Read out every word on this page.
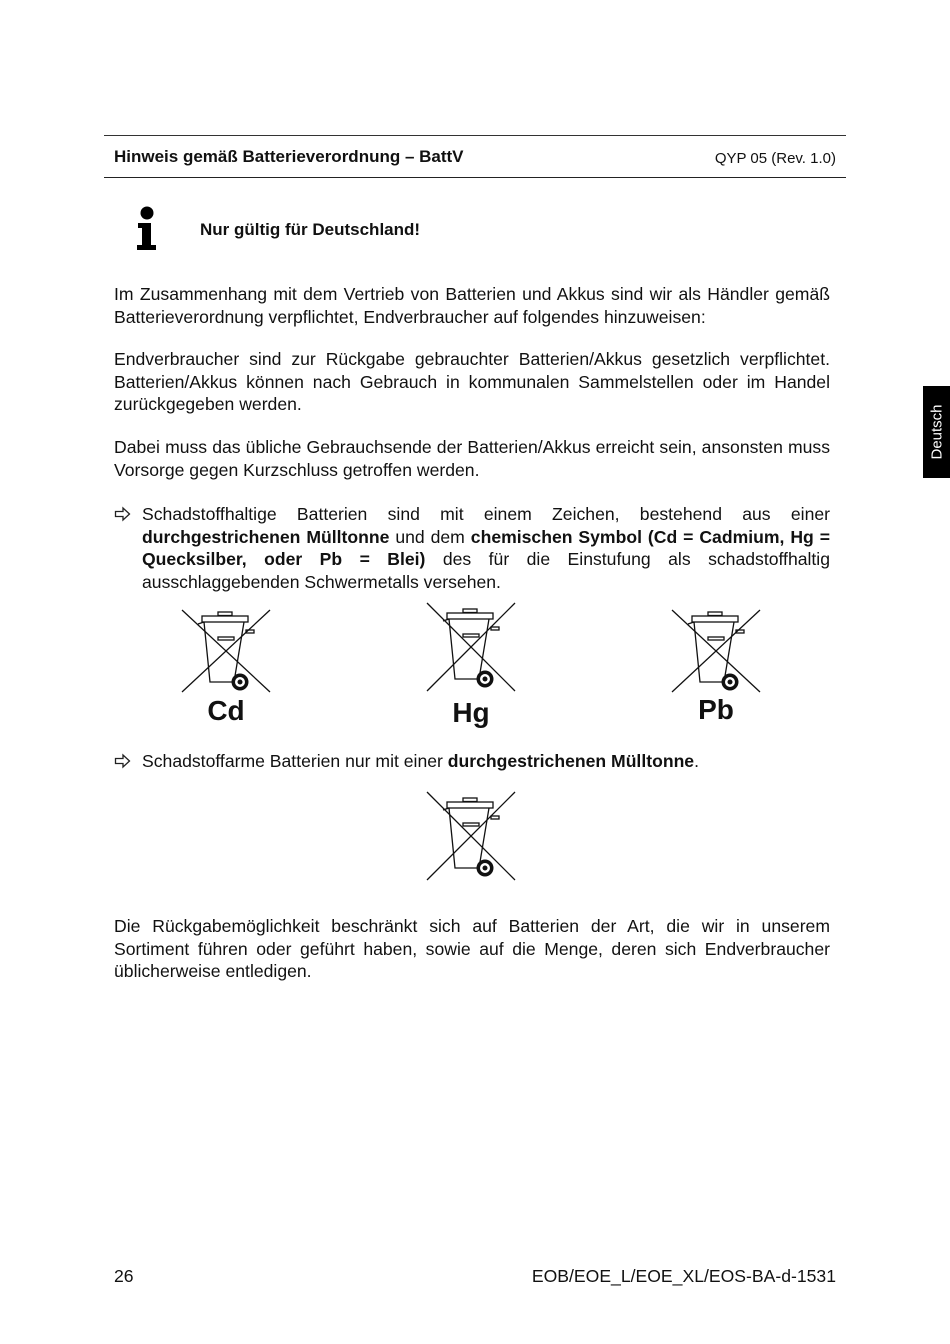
Hinweis gemäß Batterieverordnung – BattV	QYP 05 (Rev. 1.0)
Nur gültig für Deutschland!

Im Zusammenhang mit dem Vertrieb von Batterien und Akkus sind wir als Händler gemäß Batterieverordnung verpflichtet, Endverbraucher auf folgendes hinzuweisen:

Endverbraucher sind zur Rückgabe gebrauchter Batterien/Akkus gesetzlich verpflichtet. Batterien/Akkus können nach Gebrauch in kommunalen Sammelstellen oder im Handel zurückgegeben werden.

Dabei muss das übliche Gebrauchsende der Batterien/Akkus erreicht sein, ansonsten muss Vorsorge gegen Kurzschluss getroffen werden.

Schadstoffhaltige Batterien sind mit einem Zeichen, bestehend aus einer durchgestrichenen Mülltonne und dem chemischen Symbol (Cd = Cadmium, Hg = Quecksilber, oder Pb = Blei) des für die Einstufung als schadstoffhaltig ausschlaggebenden Schwermetalls versehen.
Cd	Hg	Pb
Schadstoffarme Batterien nur mit einer durchgestrichenen Mülltonne.

Die Rückgabemöglichkeit beschränkt sich auf Batterien der Art, die wir in unserem Sortiment führen oder geführt haben, sowie auf die Menge, deren sich Endverbraucher üblicherweise entledigen.

Deutsch
26	EOB/EOE_L/EOE_XL/EOS-BA-d-1531
